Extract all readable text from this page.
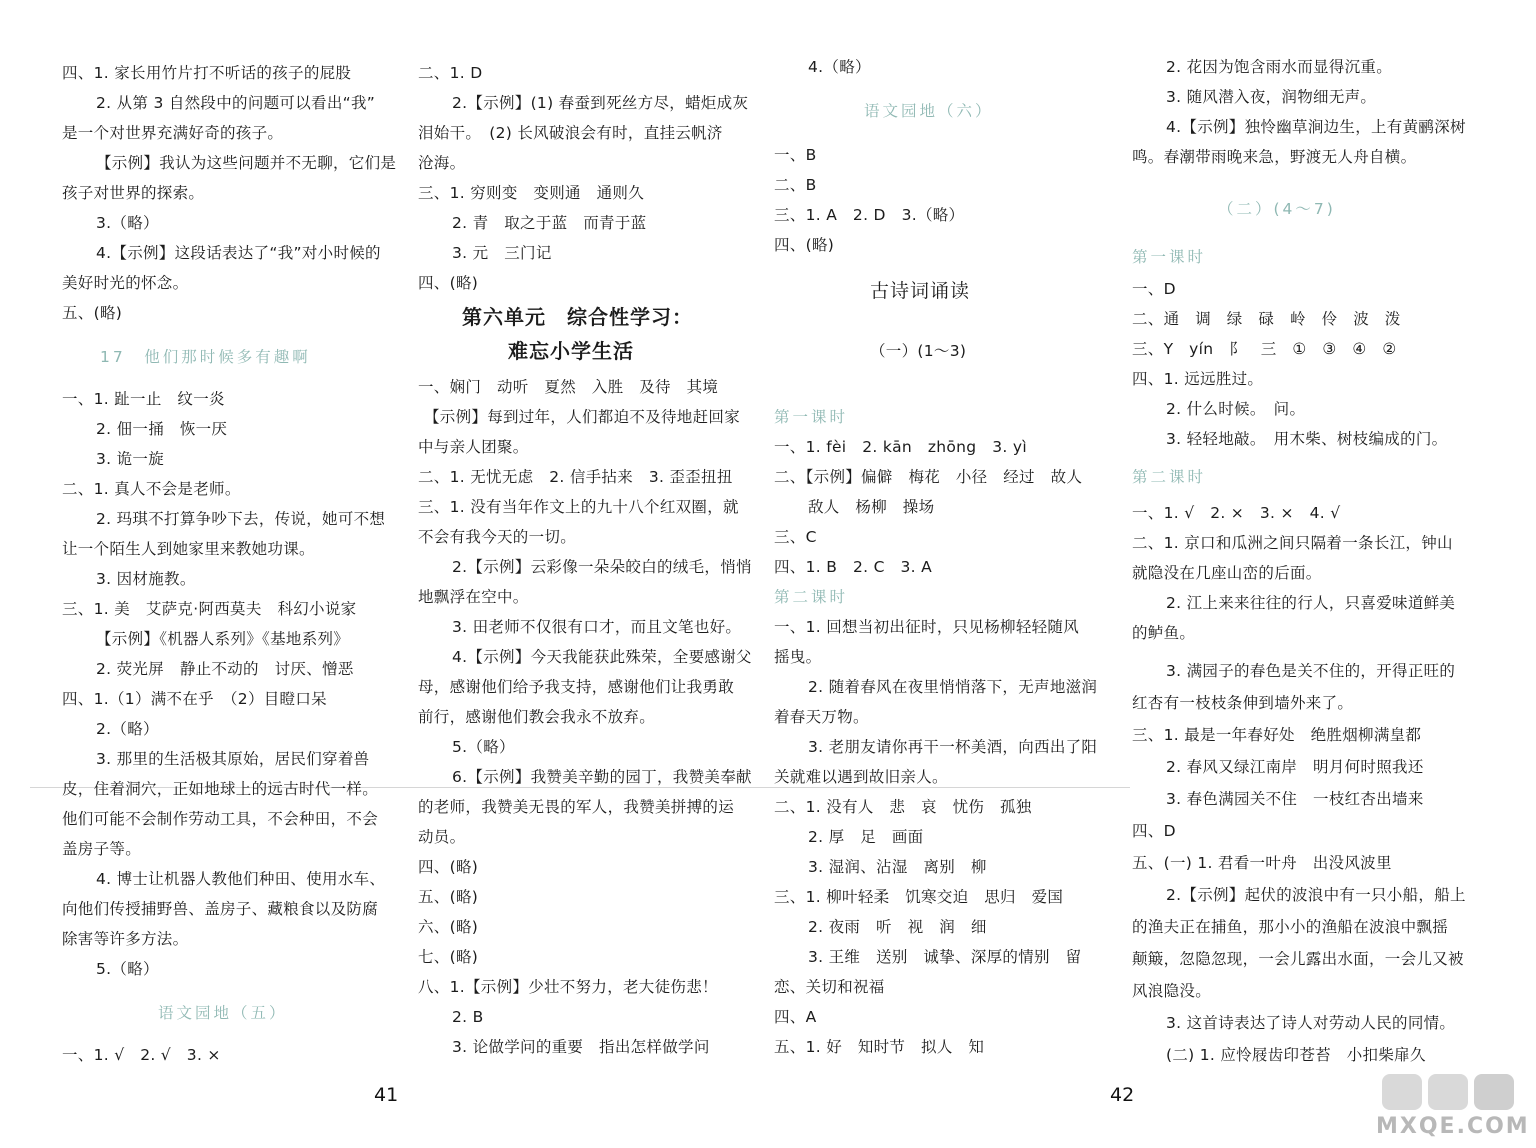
四、1. 家长用竹片打不听话的孩子的屁股
2. 从第 3 自然段中的问题可以看出“我”
是一个对世界充满好奇的孩子。
【示例】我认为这些问题并不无聊，它们是
孩子对世界的探索。
3.（略）
4.【示例】这段话表达了“我”对小时候的
美好时光的怀念。
五、(略)
17　他们那时候多有趣啊
一、1. 趾一止　纹一炎
2. 佃一捅　恢一厌
3. 诡一旋
二、1. 真人不会是老师。
2. 玛琪不打算争吵下去，传说，她可不想
让一个陌生人到她家里来教她功课。
3. 因材施教。
三、1. 美　艾萨克·阿西莫夫　科幻小说家
【示例】《机器人系列》《基地系列》
2. 荧光屏　静止不动的　讨厌、憎恶
四、1.（1）满不在乎　（2）目瞪口呆
2.（略）
3. 那里的生活极其原始，居民们穿着兽
皮，住着洞穴，正如地球上的远古时代一样。
他们可能不会制作劳动工具，不会种田，不会
盖房子等。
4. 博士让机器人教他们种田、使用水车、
向他们传授捕野兽、盖房子、藏粮食以及防腐
除害等许多方法。
5.（略）
语文园地（五）
一、1. √　2. √　3. ×
二、1. D
2.【示例】(1) 春蚕到死丝方尽，蜡炬成灰
泪始干。　(2) 长风破浪会有时，直挂云帆济
沧海。
三、1. 穷则变　变则通　通则久
2. 青　取之于蓝　而青于蓝
3. 元　三门记
四、(略)
第六单元　综合性学习：
难忘小学生活
一、娴门　动听　夏然　入胜　及待　其境
【示例】每到过年，人们都迫不及待地赶回家
中与亲人团聚。
二、1. 无忧无虑　2. 信手拈来　3. 歪歪扭扭
三、1. 没有当年作文上的九十八个红双圈，就
不会有我今天的一切。
2.【示例】云彩像一朵朵皎白的绒毛，悄悄
地飘浮在空中。
3. 田老师不仅很有口才，而且文笔也好。
4.【示例】今天我能获此殊荣，全要感谢父
母，感谢他们给予我支持，感谢他们让我勇敢
前行，感谢他们教会我永不放弃。
5.（略）
6.【示例】我赞美辛勤的园丁，我赞美奉献
的老师，我赞美无畏的军人，我赞美拼搏的运
动员。
四、(略)
五、(略)
六、(略)
七、(略)
八、1.【示例】少壮不努力，老大徒伤悲！
2. B
3. 论做学问的重要　指出怎样做学问
4.（略）
语文园地（六）
一、B
二、B
三、1. A　2. D　3.（略）
四、(略)
古诗词诵读
（一）(1～3)
第一课时
一、1. fèi　2. kān　zhōng　3. yì
二、【示例】偏僻　梅花　小径　经过　故人
敌人　杨柳　操场
三、C
四、1. B　2. C　3. A
第二课时
一、1. 回想当初出征时，只见杨柳轻轻随风
摇曳。
2. 随着春风在夜里悄悄落下，无声地滋润
着春天万物。
3. 老朋友请你再干一杯美酒，向西出了阳
关就难以遇到故旧亲人。
二、1. 没有人　悲　哀　忧伤　孤独
2. 厚　足　画面
3. 湿润、沾湿　离别　柳
三、1. 柳叶轻柔　饥寒交迫　思归　爱国
2. 夜雨　听　视　润　细
3. 王维　送别　诚挚、深厚的情别　留
恋、关切和祝福
四、A
五、1. 好　知时节　拟人　知
2. 花因为饱含雨水而显得沉重。
3. 随风潜入夜，润物细无声。
4.【示例】独怜幽草涧边生，上有黄鹂深树
鸣。春潮带雨晚来急，野渡无人舟自横。
（二）(4～7)
第一课时
一、D
二、通　调　绿　碌　岭　伶　波　泼
三、Y　yín　阝　三　①　③　④　②
四、1. 远远胜过。
2. 什么时候。　问。
3. 轻轻地敲。　用木柴、树枝编成的门。
第二课时
一、1. √　2. ×　3. ×　4. √
二、1. 京口和瓜洲之间只隔着一条长江，钟山
就隐没在几座山峦的后面。
2. 江上来来往往的行人，只喜爱味道鲜美
的鲈鱼。
3. 满园子的春色是关不住的，开得正旺的
红杏有一枝枝条伸到墙外来了。
三、1. 最是一年春好处　绝胜烟柳满皇都
2. 春风又绿江南岸　明月何时照我还
3. 春色满园关不住　一枝红杏出墙来
四、D
五、(一) 1. 君看一叶舟　出没风波里
2.【示例】起伏的波浪中有一只小船，船上
的渔夫正在捕鱼，那小小的渔船在波浪中飘摇
颠簸，忽隐忽现，一会儿露出水面，一会儿又被
风浪隐没。
3. 这首诗表达了诗人对劳动人民的同情。
(二) 1. 应怜屐齿印苍苔　小扣柴扉久
41	42
MXQE.COM
